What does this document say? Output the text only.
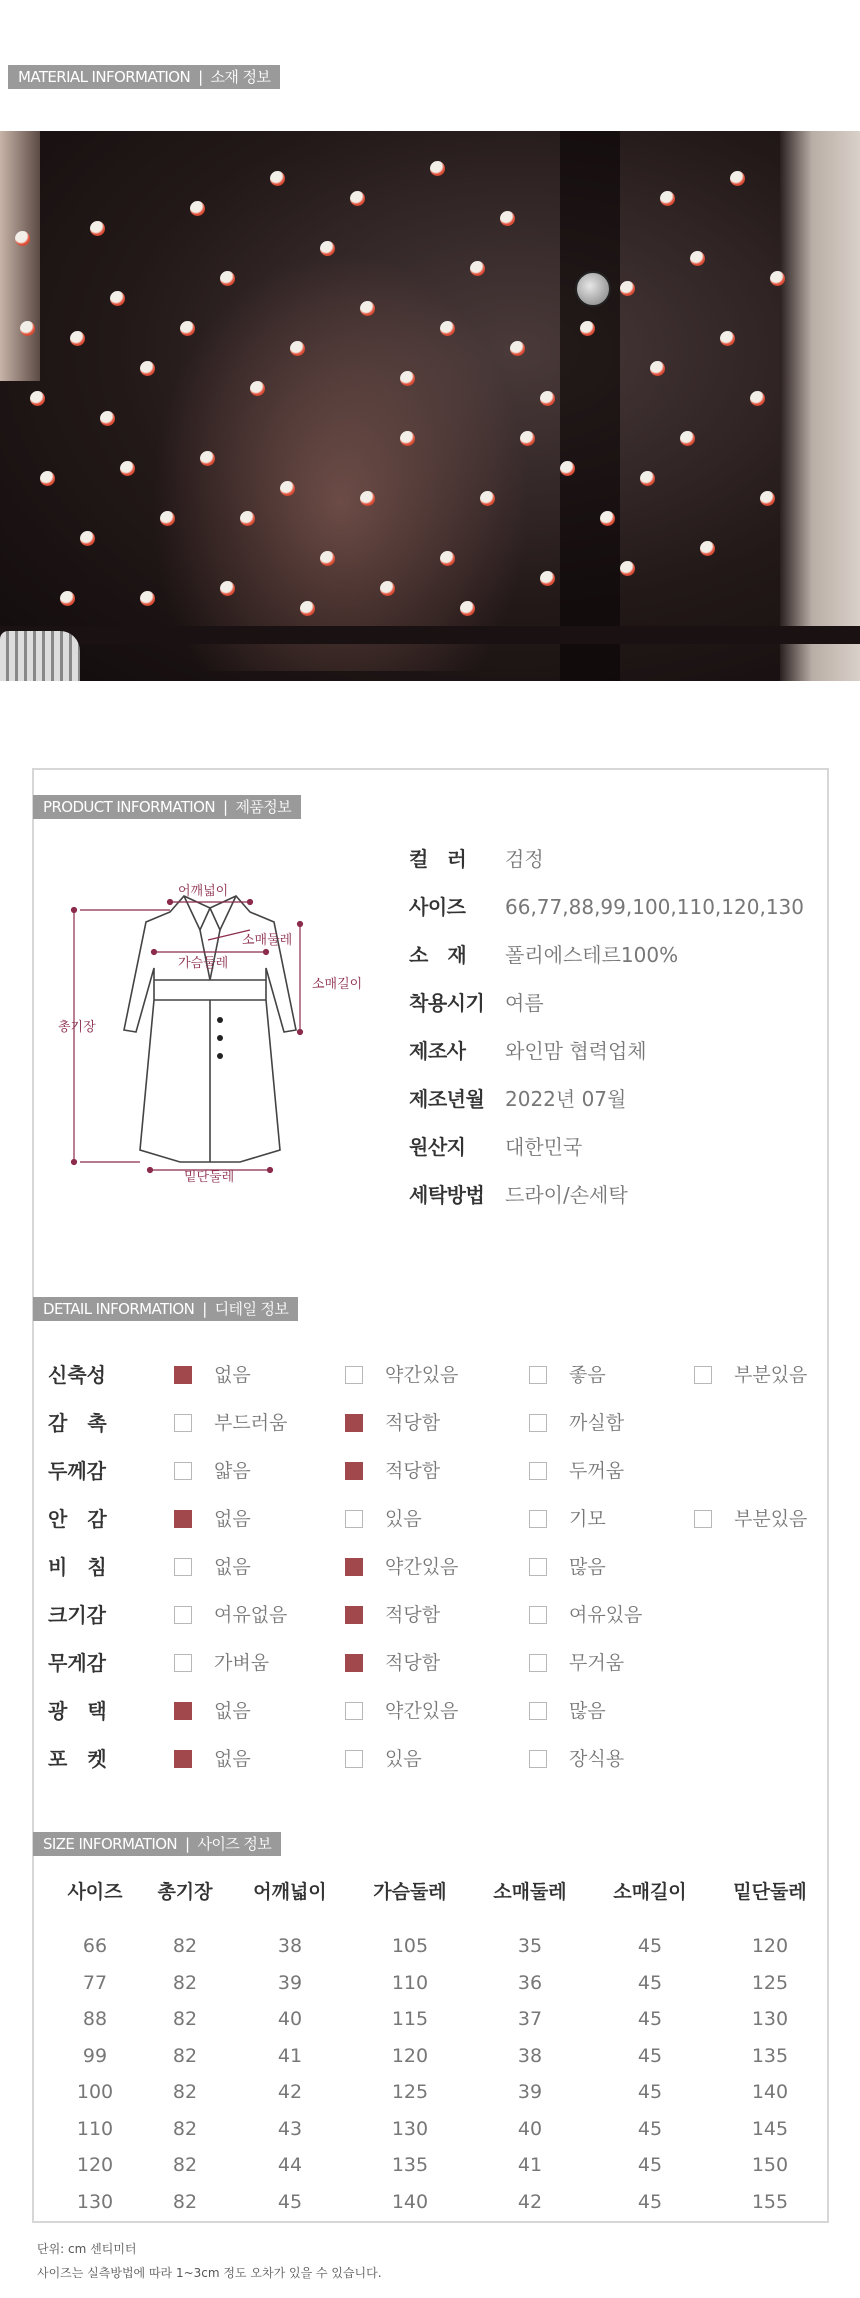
MATERIAL INFORMATION | 소재 정보
PRODUCT INFORMATION | 제품정보
어깨넓이
소매둘레
가슴둘레
소매길이
총기장
밑단둘레
컬　러 검정
사이즈 66,77,88,99,100,110,120,130
소　재 폴리에스테르100%
착용시기 여름
제조사 와인맘 협력업체
제조년월 2022년 07월
원산지 대한민국
세탁방법 드라이/손세탁
DETAIL INFORMATION | 디테일 정보
신축성	없음	약간있음	좋음	부분있음
감　촉	부드러움	적당함	까실함
두께감	얇음	적당함	두꺼움
안　감	없음	있음	기모	부분있음
비　침	없음	약간있음	많음
크기감	여유없음	적당함	여유있음
무게감	가벼움	적당함	무거움
광　택	없음	약간있음	많음
포　켓	없음	있음	장식용
SIZE INFORMATION | 사이즈 정보
사이즈	총기장	어깨넓이	가슴둘레	소매둘레	소매길이	밑단둘레

66	82	38	105	35	45	120
77	82	39	110	36	45	125
88	82	40	115	37	45	130
99	82	41	120	38	45	135
100	82	42	125	39	45	140
110	82	43	130	40	45	145
120	82	44	135	41	45	150
130	82	45	140	42	45	155
단위: cm 센티미터
사이즈는 실측방법에 따라 1~3cm 정도 오차가 있을 수 있습니다.
